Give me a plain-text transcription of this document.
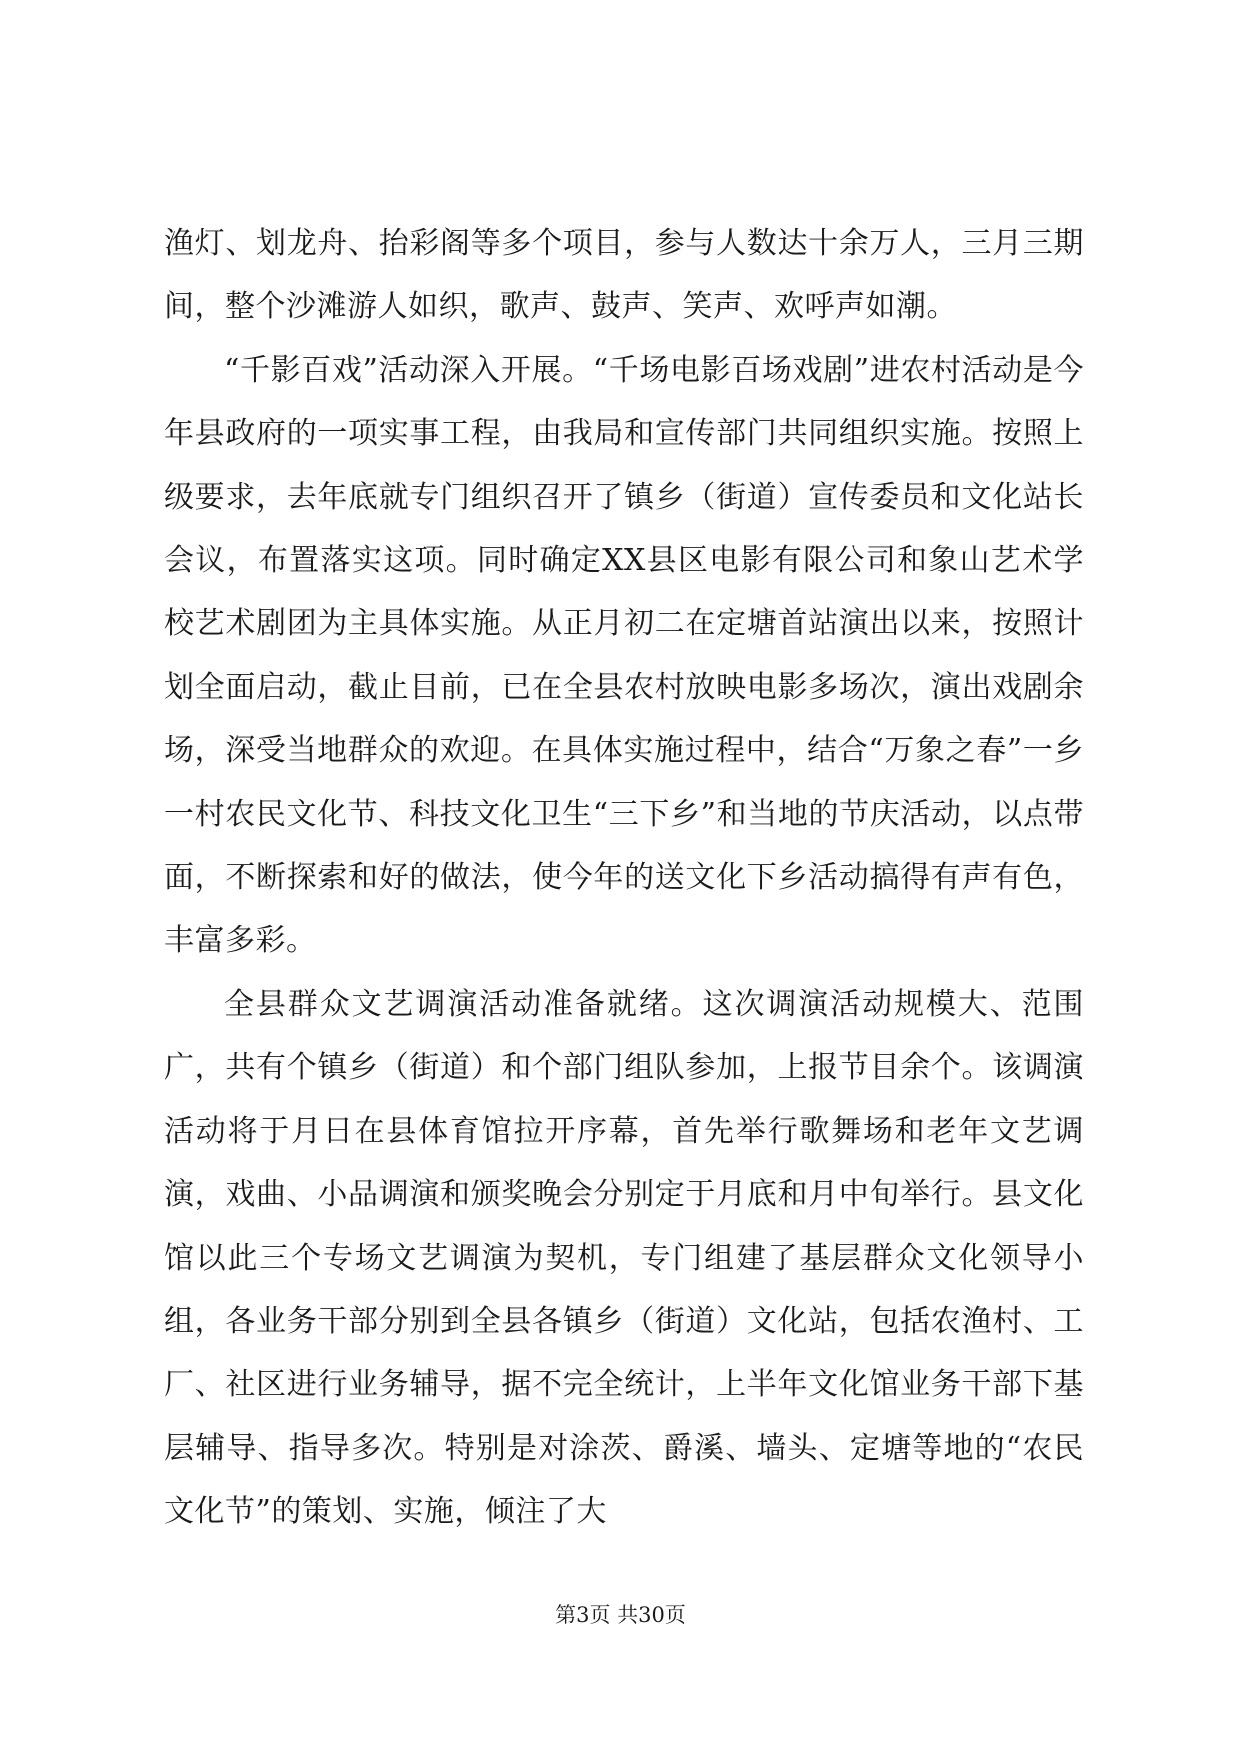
渔灯、划龙舟、抬彩阁等多个项目，参与人数达十余万人，三月三期间，整个沙滩游人如织，歌声、鼓声、笑声、欢呼声如潮。

“千影百戏”活动深入开展。“千场电影百场戏剧”进农村活动是今年县政府的一项实事工程，由我局和宣传部门共同组织实施。按照上级要求，去年底就专门组织召开了镇乡（街道）宣传委员和文化站长会议，布置落实这项。同时确定XX县区电影有限公司和象山艺术学校艺术剧团为主具体实施。从正月初二在定塘首站演出以来，按照计划全面启动，截止目前，已在全县农村放映电影多场次，演出戏剧余场，深受当地群众的欢迎。在具体实施过程中，结合“万象之春”一乡一村农民文化节、科技文化卫生“三下乡”和当地的节庆活动，以点带面，不断探索和好的做法，使今年的送文化下乡活动搞得有声有色，丰富多彩。

全县群众文艺调演活动准备就绪。这次调演活动规模大、范围广，共有个镇乡（街道）和个部门组队参加，上报节目余个。该调演活动将于月日在县体育馆拉开序幕，首先举行歌舞场和老年文艺调演，戏曲、小品调演和颁奖晚会分别定于月底和月中旬举行。县文化馆以此三个专场文艺调演为契机，专门组建了基层群众文化领导小组，各业务干部分别到全县各镇乡（街道）文化站，包括农渔村、工厂、社区进行业务辅导，据不完全统计，上半年文化馆业务干部下基层辅导、指导多次。特别是对涂茨、爵溪、墙头、定塘等地的“农民文化节”的策划、实施，倾注了大

第3页 共30页
